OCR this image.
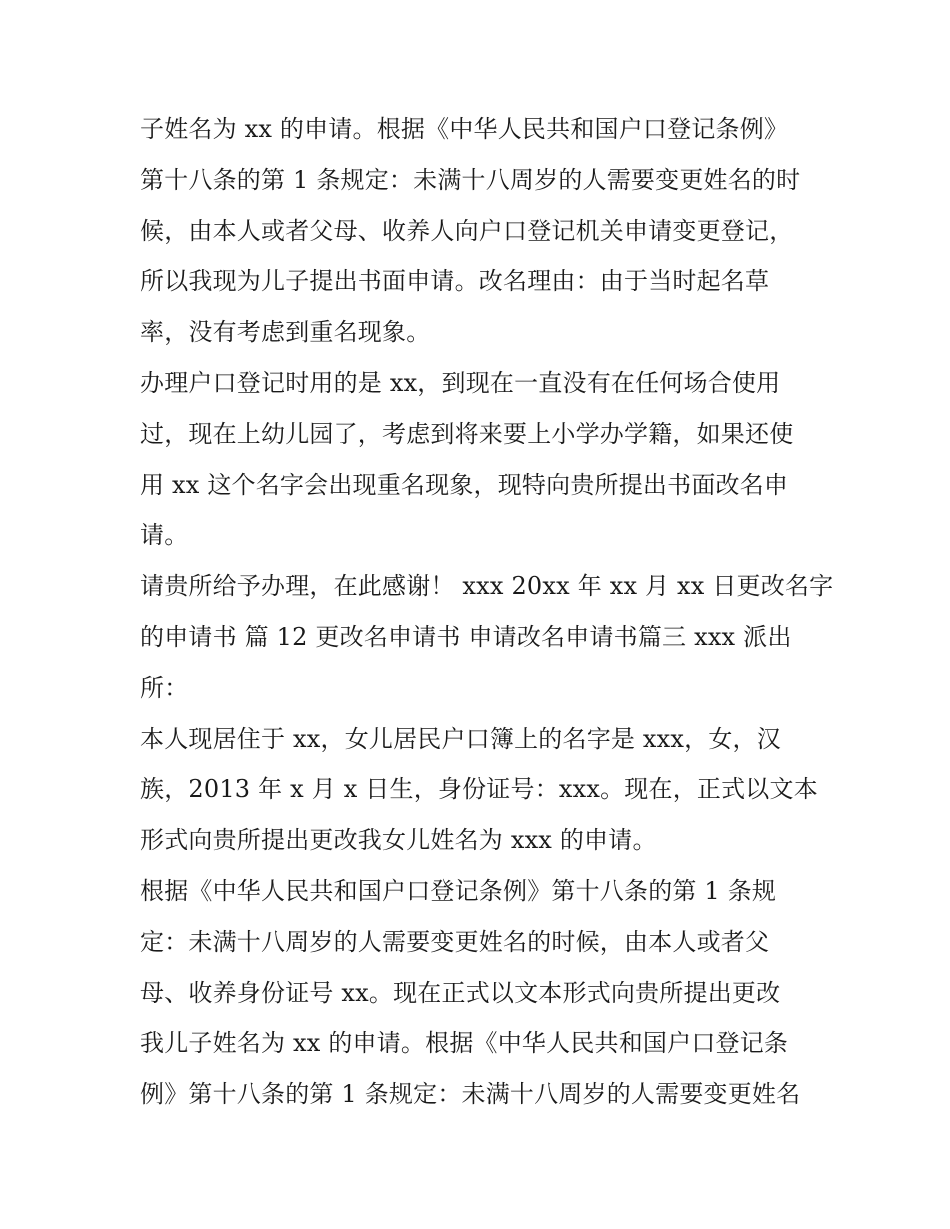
子姓名为 xx 的申请。根据《中华人民共和国户口登记条例》
第十八条的第 1 条规定：未满十八周岁的人需要变更姓名的时
候，由本人或者父母、收养人向户口登记机关申请变更登记，
所以我现为儿子提出书面申请。改名理由：由于当时起名草
率，没有考虑到重名现象。
办理户口登记时用的是 xx，到现在一直没有在任何场合使用
过，现在上幼儿园了，考虑到将来要上小学办学籍，如果还使
用 xx 这个名字会出现重名现象，现特向贵所提出书面改名申
请。
请贵所给予办理，在此感谢！ xxx 20xx 年 xx 月 xx 日更改名字
的申请书 篇 12 更改名申请书 申请改名申请书篇三 xxx 派出
所：
本人现居住于 xx，女儿居民户口簿上的名字是 xxx，女，汉
族，2013 年 x 月 x 日生，身份证号：xxx。现在，正式以文本
形式向贵所提出更改我女儿姓名为 xxx 的申请。
根据《中华人民共和国户口登记条例》第十八条的第 1 条规
定：未满十八周岁的人需要变更姓名的时候，由本人或者父
母、收养身份证号 xx。现在正式以文本形式向贵所提出更改
我儿子姓名为 xx 的申请。根据《中华人民共和国户口登记条
例》第十八条的第 1 条规定：未满十八周岁的人需要变更姓名
